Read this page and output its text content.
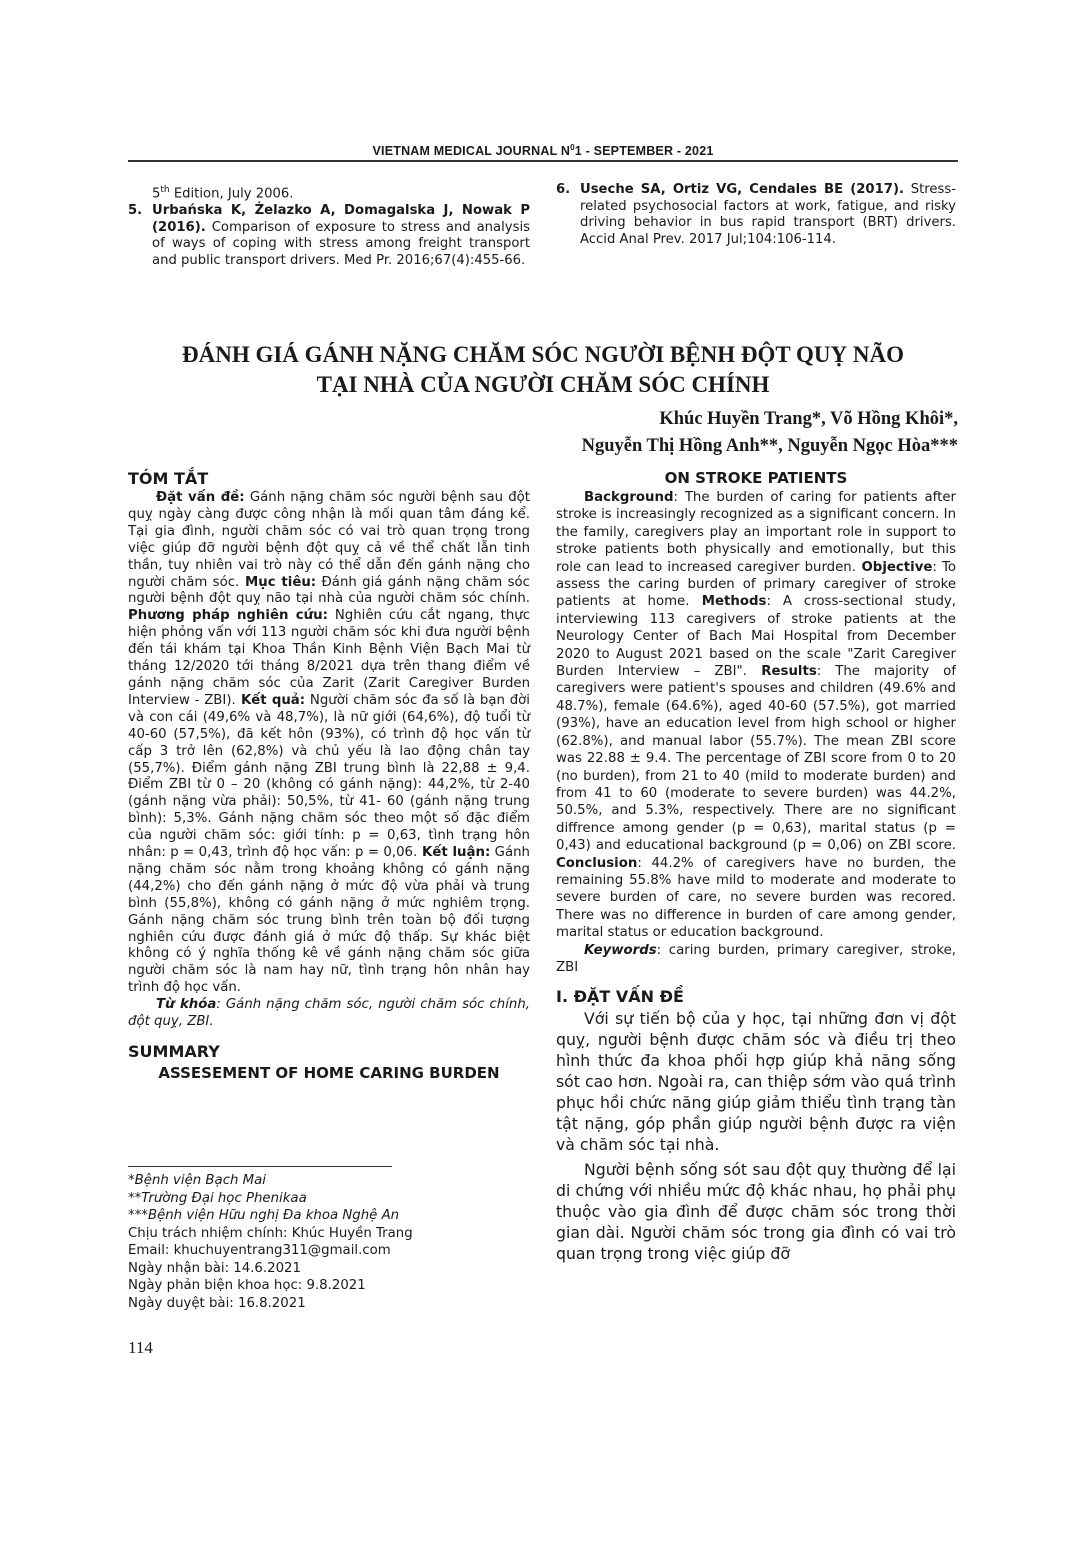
VIETNAM MEDICAL JOURNAL $N^01$ - SEPTEMBER - 2021

5th Edition, July 2006.

5. Urbańska K, Żelazko A, Domagalska J, Nowak P (2016). Comparison of exposure to stress and analysis of ways of coping with stress among freight transport and public transport drivers. Med Pr. 2016;67(4):455-66.
6. Useche SA, Ortiz VG, Cendales BE (2017). Stress-related psychosocial factors at work, fatigue, and risky driving behavior in bus rapid transport (BRT) drivers. Accid Anal Prev. 2017 Jul;104:106-114.
ĐÁNH GIÁ GÁNH NẶNG CHĂM SÓC NGƯỜI BỆNH ĐỘT QUỴ NÃO
TẠI NHÀ CỦA NGƯỜI CHĂM SÓC CHÍNH
Khúc Huyền Trang*, Võ Hồng Khôi*,
Nguyễn Thị Hồng Anh**, Nguyễn Ngọc Hòa***

TÓM TẮT

Đặt vấn đề: Gánh nặng chăm sóc người bệnh sau đột quỵ ngày càng được công nhận là mối quan tâm đáng kể. Tại gia đình, người chăm sóc có vai trò quan trọng trong việc giúp đỡ người bệnh đột quỵ cả về thể chất lẫn tinh thần, tuy nhiên vai trò này có thể dẫn đến gánh nặng cho người chăm sóc. Mục tiêu: Đánh giá gánh nặng chăm sóc người bệnh đột quỵ não tại nhà của người chăm sóc chính. Phương pháp nghiên cứu: Nghiên cứu cắt ngang, thực hiện phỏng vấn với 113 người chăm sóc khi đưa người bệnh đến tái khám tại Khoa Thần Kinh Bệnh Viện Bạch Mai từ tháng 12/2020 tới tháng 8/2021 dựa trên thang điểm về gánh nặng chăm sóc của Zarit (Zarit Caregiver Burden Interview - ZBI). Kết quả: Người chăm sóc đa số là bạn đời và con cái (49,6% và 48,7%), là nữ giới (64,6%), độ tuổi từ 40-60 (57,5%), đã kết hôn (93%), có trình độ học vấn từ cấp 3 trở lên (62,8%) và chủ yếu là lao động chân tay (55,7%). Điểm gánh nặng ZBI trung bình là 22,88 ± 9,4. Điểm ZBI từ 0 – 20 (không có gánh nặng): 44,2%, từ 2-40 (gánh nặng vừa phải): 50,5%, từ 41- 60 (gánh nặng trung bình): 5,3%. Gánh nặng chăm sóc theo một số đặc điểm của người chăm sóc: giới tính: p = 0,63, tình trạng hôn nhân: p = 0,43, trình độ học vấn: p = 0,06. Kết luận: Gánh nặng chăm sóc nằm trong khoảng không có gánh nặng (44,2%) cho đến gánh nặng ở mức độ vừa phải và trung bình (55,8%), không có gánh nặng ở mức nghiêm trọng. Gánh nặng chăm sóc trung bình trên toàn bộ đối tượng nghiên cứu được đánh giá ở mức độ thấp. Sự khác biệt không có ý nghĩa thống kê về gánh nặng chăm sóc giữa người chăm sóc là nam hay nữ, tình trạng hôn nhân hay trình độ học vấn.

Từ khóa: Gánh nặng chăm sóc, người chăm sóc chính, đột quỵ, ZBI.

SUMMARY

ASSESEMENT OF HOME CARING BURDEN

ON STROKE PATIENTS

Background: The burden of caring for patients after stroke is increasingly recognized as a significant concern. In the family, caregivers play an important role in support to stroke patients both physically and emotionally, but this role can lead to increased caregiver burden. Objective: To assess the caring burden of primary caregiver of stroke patients at home. Methods: A cross-sectional study, interviewing 113 caregivers of stroke patients at the Neurology Center of Bach Mai Hospital from December 2020 to August 2021 based on the scale "Zarit Caregiver Burden Interview – ZBI". Results: The majority of caregivers were patient's spouses and children (49.6% and 48.7%), female (64.6%), aged 40-60 (57.5%), got married (93%), have an education level from high school or higher (62.8%), and manual labor (55.7%). The mean ZBI score was 22.88 ± 9.4. The percentage of ZBI score from 0 to 20 (no burden), from 21 to 40 (mild to moderate burden) and from 41 to 60 (moderate to severe burden) was 44.2%, 50.5%, and 5.3%, respectively. There are no significant diffrence among gender (p = 0,63), marital status (p = 0,43) and educational background (p = 0,06) on ZBI score. Conclusion: 44.2% of caregivers have no burden, the remaining 55.8% have mild to moderate and moderate to severe burden of care, no severe burden was recored. There was no difference in burden of care among gender, marital status or education background.

Keywords: caring burden, primary caregiver, stroke, ZBI

I. ĐẶT VẤN ĐỀ

Với sự tiến bộ của y học, tại những đơn vị đột quỵ, người bệnh được chăm sóc và điều trị theo hình thức đa khoa phối hợp giúp khả năng sống sót cao hơn. Ngoài ra, can thiệp sớm vào quá trình phục hồi chức năng giúp giảm thiểu tình trạng tàn tật nặng, góp phần giúp người bệnh được ra viện và chăm sóc tại nhà.

Người bệnh sống sót sau đột quỵ thường để lại di chứng với nhiều mức độ khác nhau, họ phải phụ thuộc vào gia đình để được chăm sóc trong thời gian dài. Người chăm sóc trong gia đình có vai trò quan trọng trong việc giúp đỡ

*Bệnh viện Bạch Mai

**Trường Đại học Phenikaa

***Bệnh viện Hữu nghị Đa khoa Nghệ An

Chịu trách nhiệm chính: Khúc Huyền Trang

Email: khuchuyentrang311@gmail.com

Ngày nhận bài: 14.6.2021

Ngày phản biện khoa học: 9.8.2021

Ngày duyệt bài: 16.8.2021

114
